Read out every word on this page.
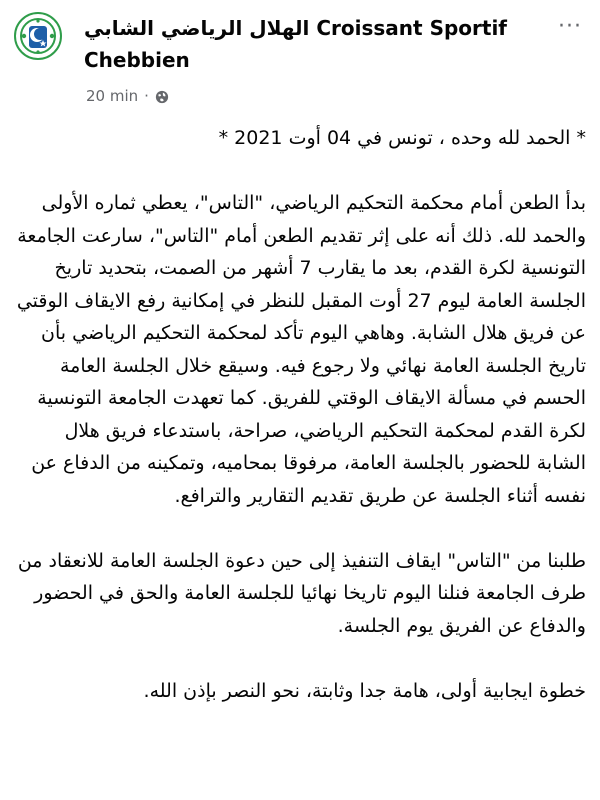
الهلال الرياضي الشابي Croissant Sportif Chebbien
···
20 min ·

* الحمد لله وحده ، تونس في 04 أوت 2021 *

بدأ الطعن أمام محكمة التحكيم الرياضي، "التاس"، يعطي ثماره الأولى والحمد لله. ذلك أنه على إثر تقديم الطعن أمام "التاس"، سارعت الجامعة التونسية لكرة القدم، بعد ما يقارب 7 أشهر من الصمت، بتحديد تاريخ الجلسة العامة ليوم 27 أوت المقبل للنظر في إمكانية رفع الايقاف الوقتي عن فريق هلال الشابة. وهاهي اليوم تأكد لمحكمة التحكيم الرياضي بأن تاريخ الجلسة العامة نهائي ولا رجوع فيه. وسيقع خلال الجلسة العامة الحسم في مسألة الايقاف الوقتي للفريق. كما تعهدت الجامعة التونسية لكرة القدم لمحكمة التحكيم الرياضي، صراحة، باستدعاء فريق هلال الشابة للحضور بالجلسة العامة، مرفوقا بمحاميه، وتمكينه من الدفاع عن نفسه أثناء الجلسة عن طريق تقديم التقارير والترافع.

طلبنا من "التاس" ايقاف التنفيذ إلى حين دعوة الجلسة العامة للانعقاد من طرف الجامعة فنلنا اليوم تاريخا نهائيا للجلسة العامة والحق في الحضور والدفاع عن الفريق يوم الجلسة.

خطوة ايجابية أولى، هامة جدا وثابتة، نحو النصر بإذن الله.
